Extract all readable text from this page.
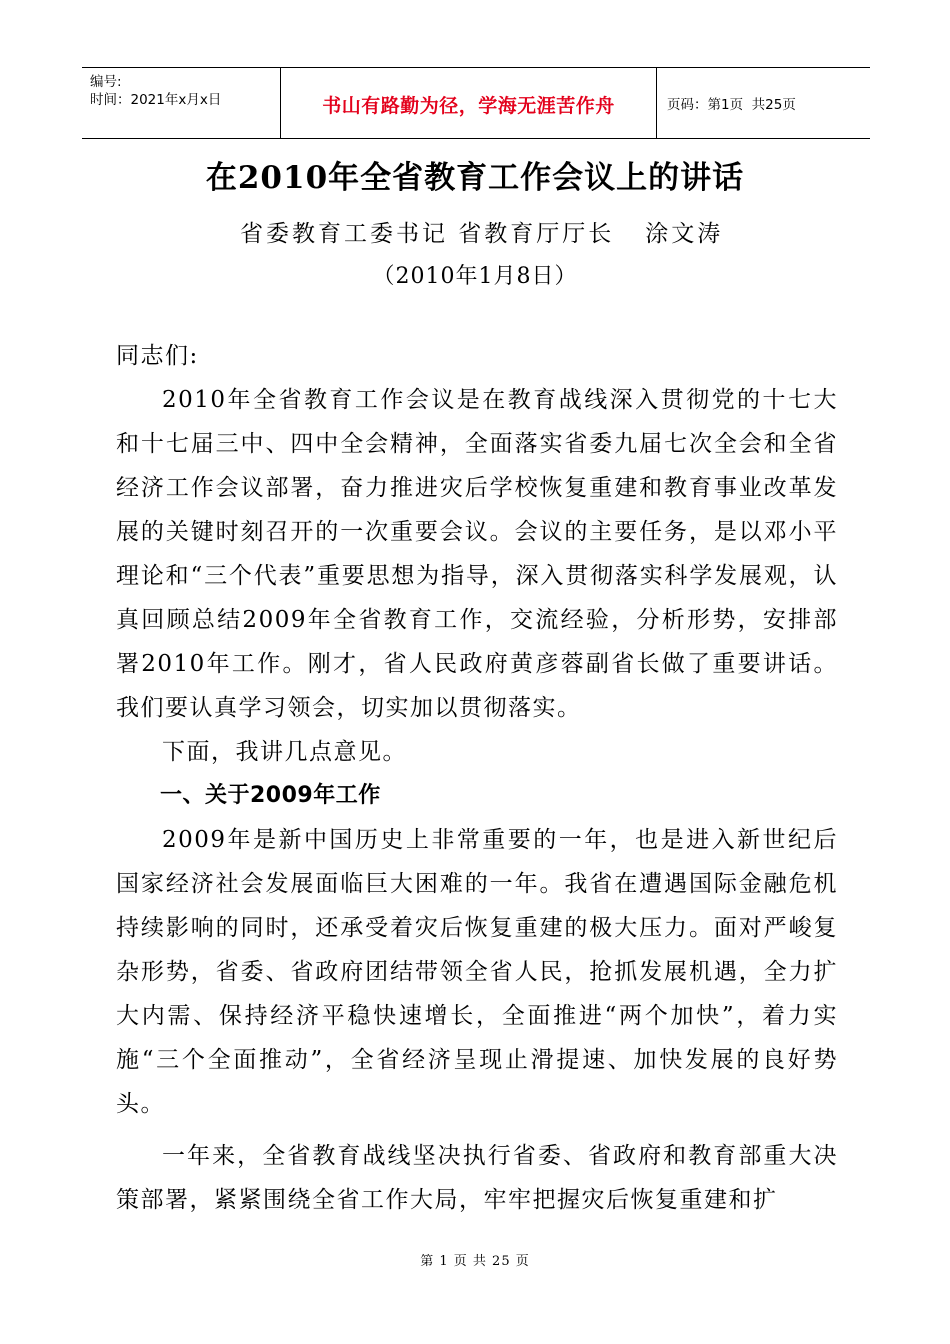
编号:
时间：2021年x月x日	书山有路勤为径，学海无涯苦作舟	页码：第1页  共25页
在2010年全省教育工作会议上的讲话
省委教育工委书记 省教育厅厅长   涂文涛
（2010年1月8日）

同志们:

2010年全省教育工作会议是在教育战线深入贯彻党的十七大和十七届三中、四中全会精神，全面落实省委九届七次全会和全省经济工作会议部署，奋力推进灾后学校恢复重建和教育事业改革发展的关键时刻召开的一次重要会议。会议的主要任务，是以邓小平理论和“三个代表”重要思想为指导，深入贯彻落实科学发展观，认真回顾总结2009年全省教育工作，交流经验，分析形势，安排部署2010年工作。刚才，省人民政府黄彦蓉副省长做了重要讲话。我们要认真学习领会，切实加以贯彻落实。

下面，我讲几点意见。

一、关于2009年工作

2009年是新中国历史上非常重要的一年，也是进入新世纪后国家经济社会发展面临巨大困难的一年。我省在遭遇国际金融危机持续影响的同时，还承受着灾后恢复重建的极大压力。面对严峻复杂形势，省委、省政府团结带领全省人民，抢抓发展机遇，全力扩大内需、保持经济平稳快速增长，全面推进“两个加快”，着力实施“三个全面推动”，全省经济呈现止滑提速、加快发展的良好势头。

一年来，全省教育战线坚决执行省委、省政府和教育部重大决策部署，紧紧围绕全省工作大局，牢牢把握灾后恢复重建和扩

第 1 页 共 25 页
